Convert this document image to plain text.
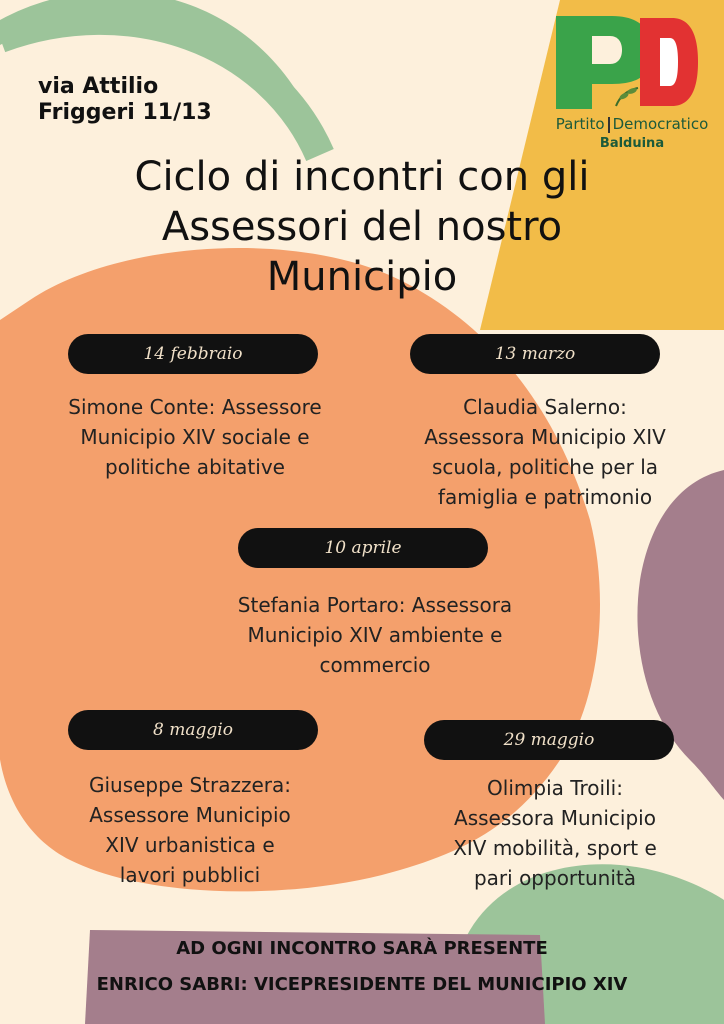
via Attilio
Friggeri 11/13	Partito Democratico
Balduina
Ciclo di incontri con gli
Assessori del nostro
Municipio
14 febbraio
Simone Conte: Assessore
Municipio XIV sociale e
politiche abitative
13 marzo
Claudia Salerno:
Assessora Municipio XIV
scuola, politiche per la
famiglia e patrimonio
10 aprile
Stefania Portaro: Assessora
Municipio XIV ambiente e
commercio
8 maggio
Giuseppe Strazzera:
Assessore Municipio
XIV urbanistica e
lavori pubblici
29 maggio
Olimpia Troili:
Assessora Municipio
XIV mobilità, sport e
pari opportunità
AD OGNI INCONTRO SARÀ PRESENTE
ENRICO SABRI: VICEPRESIDENTE DEL MUNICIPIO XIV
